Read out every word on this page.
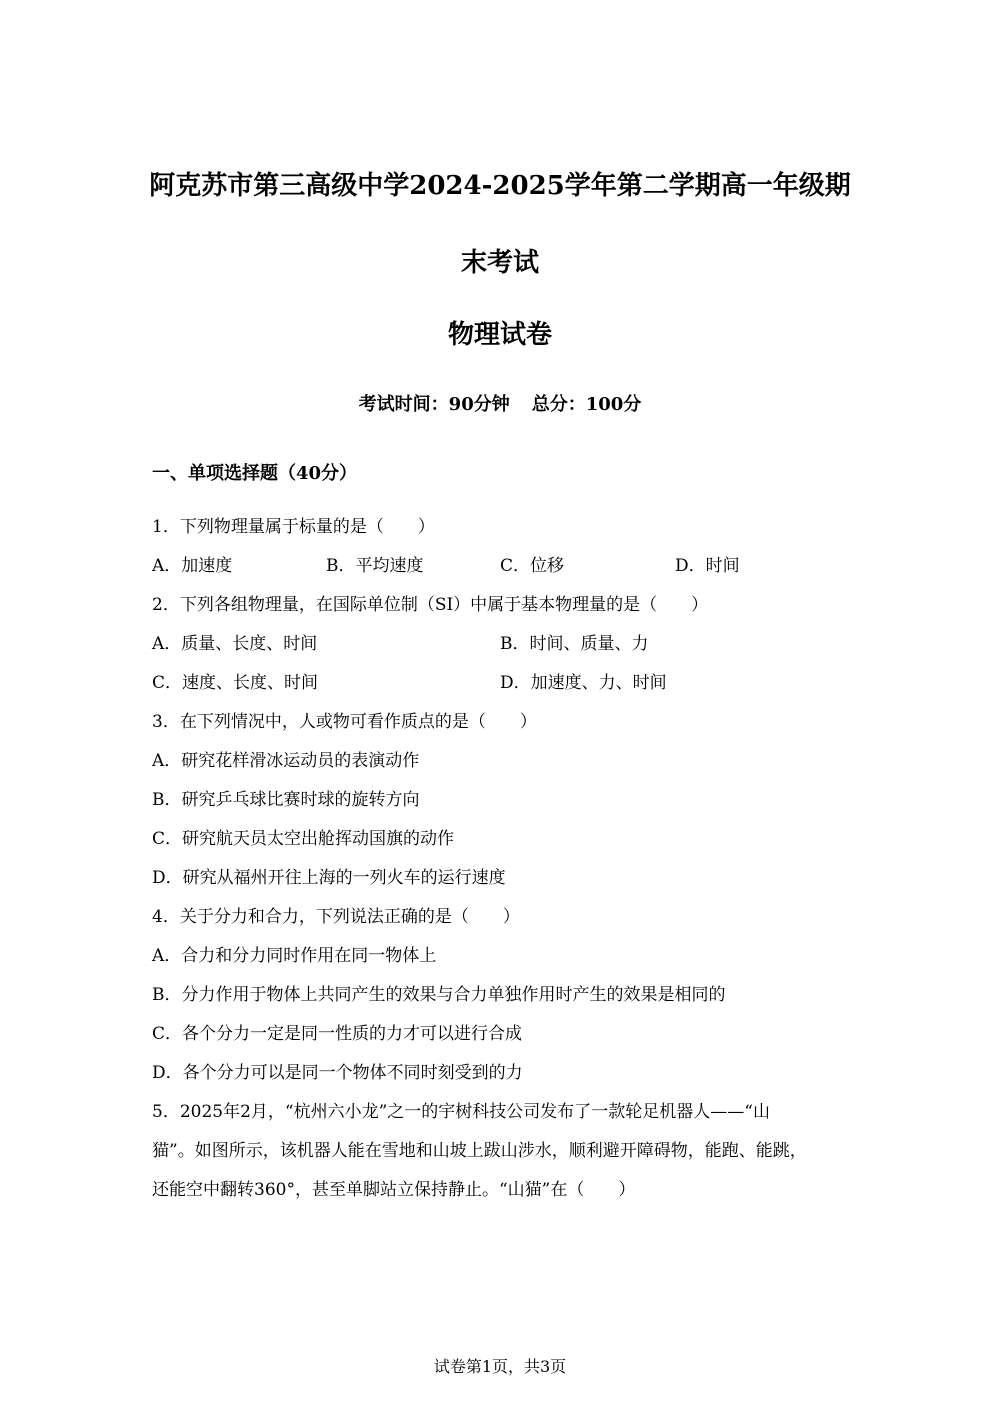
阿克苏市第三高级中学2024-2025学年第二学期高一年级期
末考试
物理试卷
考试时间：90分钟 总分：100分
一、单项选择题（40分）
1．下列物理量属于标量的是（　　）
A．加速度	B．平均速度	C．位移	D．时间
2．下列各组物理量，在国际单位制（SI）中属于基本物理量的是（　　）
A．质量、长度、时间	B．时间、质量、力
C．速度、长度、时间	D．加速度、力、时间
3．在下列情况中，人或物可看作质点的是（　　）
A．研究花样滑冰运动员的表演动作
B．研究乒乓球比赛时球的旋转方向
C．研究航天员太空出舱挥动国旗的动作
D．研究从福州开往上海的一列火车的运行速度
4．关于分力和合力，下列说法正确的是（　　）
A．合力和分力同时作用在同一物体上
B．分力作用于物体上共同产生的效果与合力单独作用时产生的效果是相同的
C．各个分力一定是同一性质的力才可以进行合成
D．各个分力可以是同一个物体不同时刻受到的力
5．2025年2月，“杭州六小龙”之一的宇树科技公司发布了一款轮足机器人——“山
猫”。如图所示，该机器人能在雪地和山坡上跋山涉水，顺利避开障碍物，能跑、能跳，
还能空中翻转360°，甚至单脚站立保持静止。“山猫”在（　　）
试卷第1页，共3页
